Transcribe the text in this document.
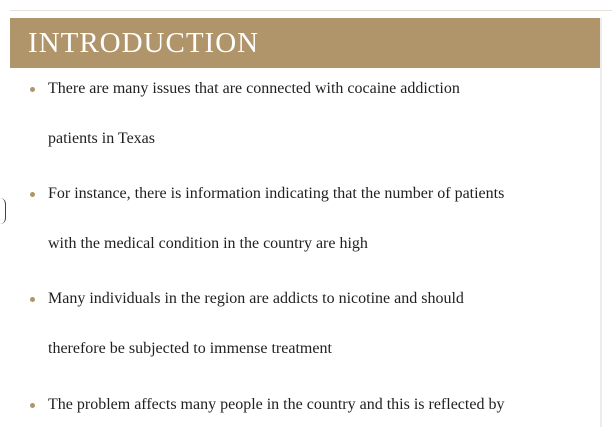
INTRODUCTION
There are many issues that are connected with cocaine addiction
patients in Texas
For instance, there is information indicating that the number of patients
with the medical condition in the country are high
Many individuals in the region are addicts to nicotine and should
therefore be subjected to immense treatment
The problem affects many people in the country and this is reflected by
